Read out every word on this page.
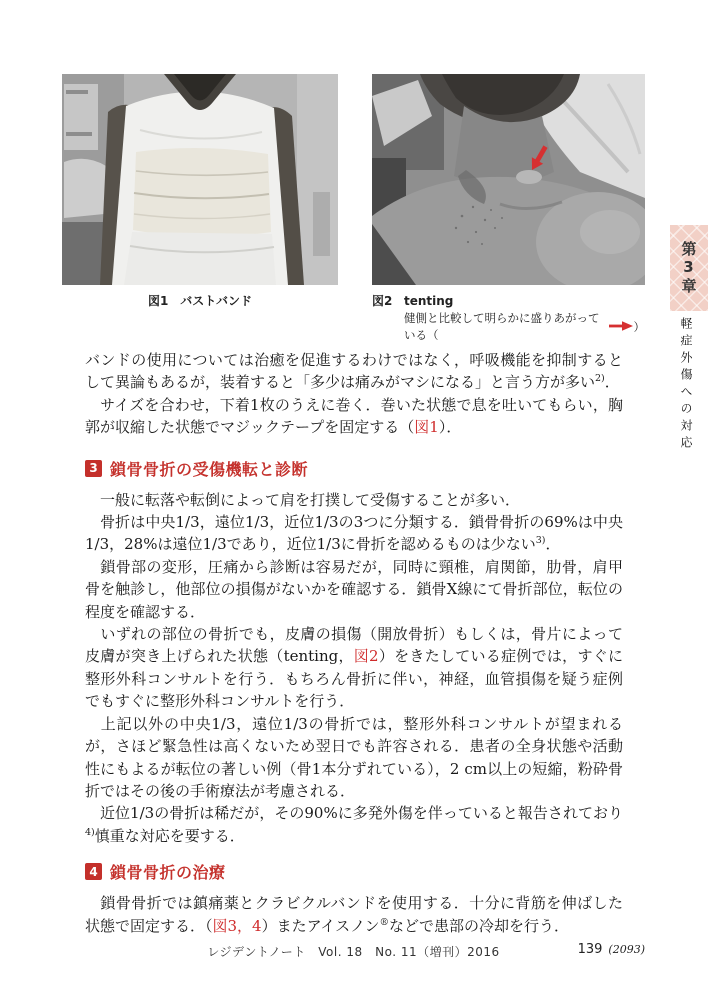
図1　バストバンド	図2 tenting

健側と比較して明らかに盛りあがっている（
）
第3章
軽症外傷への対応

バンドの使用については治癒を促進するわけではなく，呼吸機能を抑制するとして異論もあるが，装着すると「多少は痛みがマシになる」と言う方が多い$^{2)}$．

　サイズを合わせ，下着1枚のうえに巻く．巻いた状態で息を吐いてもらい，胸郭が収縮した状態でマジックテープを固定する（図1）．

3 鎖骨骨折の受傷機転と診断

　一般に転落や転倒によって肩を打撲して受傷することが多い．

　骨折は中央1/3，遠位1/3，近位1/3の3つに分類する．鎖骨骨折の69%は中央1/3，28%は遠位1/3であり，近位1/3に骨折を認めるものは少ない$^{3)}$．

　鎖骨部の変形，圧痛から診断は容易だが，同時に頸椎，肩関節，肋骨，肩甲骨を触診し，他部位の損傷がないかを確認する．鎖骨X線にて骨折部位，転位の程度を確認する．

　いずれの部位の骨折でも，皮膚の損傷（開放骨折）もしくは，骨片によって皮膚が突き上げられた状態（tenting，図2）をきたしている症例では，すぐに整形外科コンサルトを行う．もちろん骨折に伴い，神経，血管損傷を疑う症例でもすぐに整形外科コンサルトを行う．

　上記以外の中央1/3，遠位1/3の骨折では，整形外科コンサルトが望まれるが，さほど緊急性は高くないため翌日でも許容される．患者の全身状態や活動性にもよるが転位の著しい例（骨1本分ずれている），2 cm以上の短縮，粉砕骨折ではその後の手術療法が考慮される．

　近位1/3の骨折は稀だが，その90%に多発外傷を伴っていると報告されており$^{4)}$慎重な対応を要する．

4 鎖骨骨折の治療

　鎖骨骨折では鎮痛薬とクラビクルバンドを使用する．十分に背筋を伸ばした状態で固定する．（図3，4）またアイスノン®などで患部の冷却を行う．

レジデントノート　Vol. 18　No. 11（増刊）2016	139 (2093)
